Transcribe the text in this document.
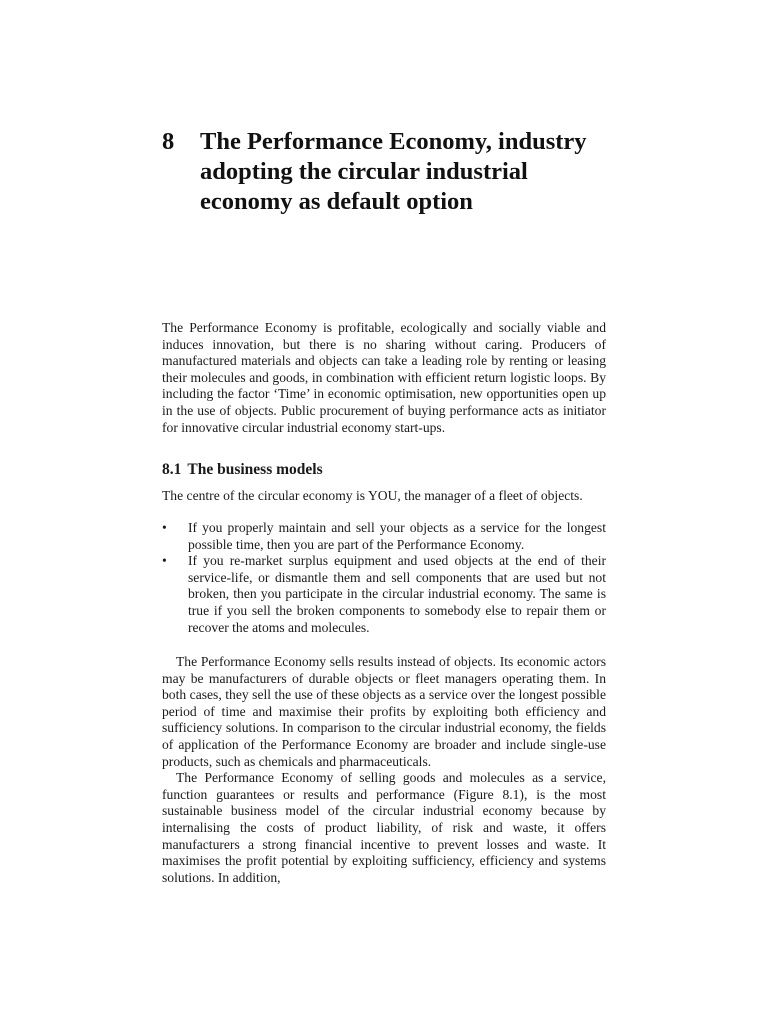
8	The Performance Economy, industry adopting the circular industrial economy as default option

The Performance Economy is profitable, ecologically and socially viable and induces innovation, but there is no sharing without caring. Producers of manufactured materials and objects can take a leading role by renting or leasing their molecules and goods, in combination with efficient return logistic loops. By including the factor ‘Time’ in economic optimisation, new opportunities open up in the use of objects. Public procurement of buying performance acts as initiator for innovative circular industrial economy start-ups.

8.1 The business models

The centre of the circular economy is YOU, the manager of a fleet of objects.

•	If you properly maintain and sell your objects as a service for the longest possible time, then you are part of the Performance Economy.

•	If you re-market surplus equipment and used objects at the end of their service-life, or dismantle them and sell components that are used but not broken, then you participate in the circular industrial economy. The same is true if you sell the broken components to somebody else to repair them or recover the atoms and molecules.

The Performance Economy sells results instead of objects. Its economic actors may be manufacturers of durable objects or fleet managers operating them. In both cases, they sell the use of these objects as a service over the longest possible period of time and maximise their profits by exploiting both efficiency and sufficiency solutions. In comparison to the circular industrial economy, the fields of application of the Performance Economy are broader and include single-use products, such as chemicals and pharmaceuticals.

The Performance Economy of selling goods and molecules as a service, function guarantees or results and performance (Figure 8.1), is the most sustainable business model of the circular industrial economy because by internalising the costs of product liability, of risk and waste, it offers manufacturers a strong financial incentive to prevent losses and waste. It maximises the profit potential by exploiting sufficiency, efficiency and systems solutions. In addition,
